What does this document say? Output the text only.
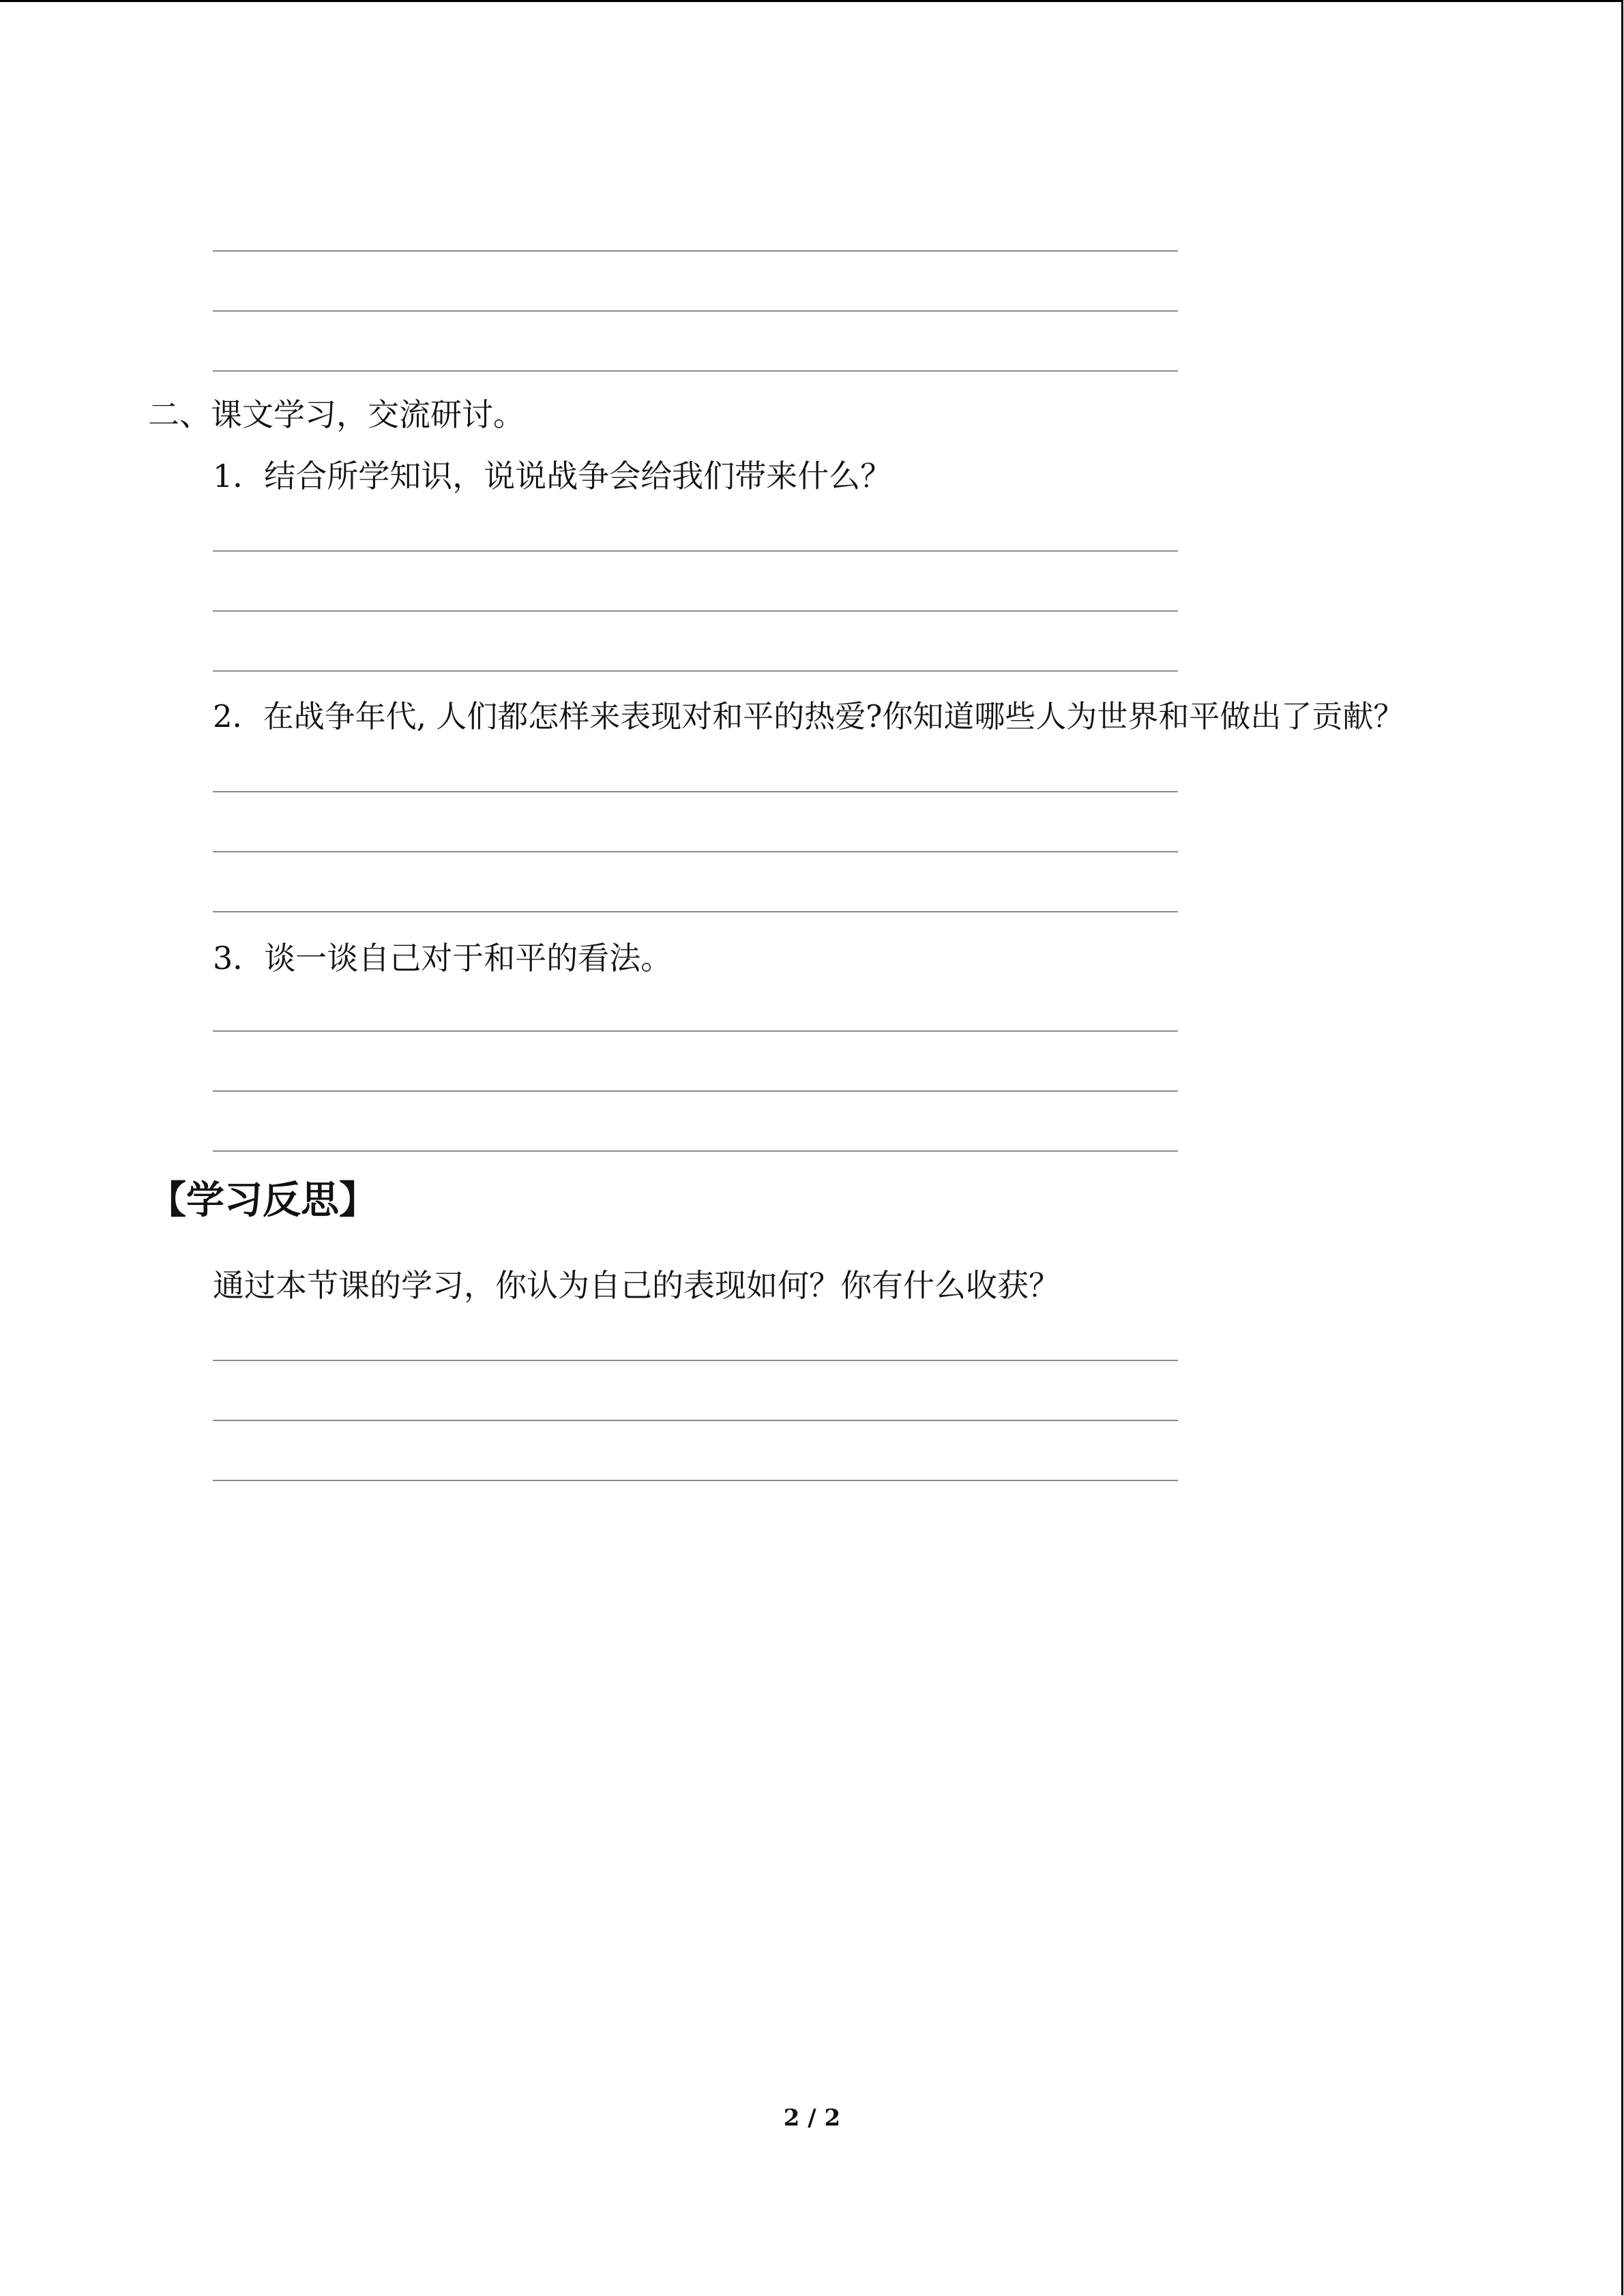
二、课文学习，交流研讨。
1．结合所学知识，说说战争会给我们带来什么？
2．在战争年代, 人们都怎样来表现对和平的热爱?你知道哪些人为世界和平做出了贡献？
3．谈一谈自己对于和平的看法。
【学习反思】
通过本节课的学习，你认为自己的表现如何？你有什么收获？
2 / 2
